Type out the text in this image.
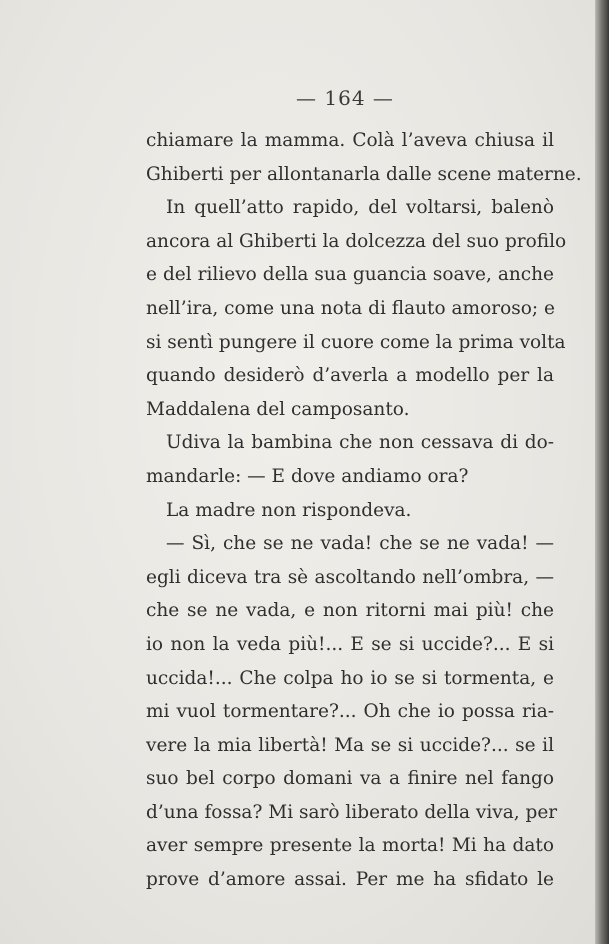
— 164 —
chiamare la mamma. Colà l’aveva chiusa il
Ghiberti per allontanarla dalle scene materne.
In quell’atto rapido, del voltarsi, balenò
ancora al Ghiberti la dolcezza del suo profilo
e del rilievo della sua guancia soave, anche
nell’ira, come una nota di flauto amoroso; e
si sentì pungere il cuore come la prima volta
quando desiderò d’averla a modello per la
Maddalena del camposanto.
Udiva la bambina che non cessava di do-
mandarle: — E dove andiamo ora?
La madre non rispondeva.
— Sì, che se ne vada! che se ne vada! —
egli diceva tra sè ascoltando nell’ombra, —
che se ne vada, e non ritorni mai più! che
io non la veda più!... E se si uccide?... E si
uccida!... Che colpa ho io se si tormenta, e
mi vuol tormentare?... Oh che io possa ria-
vere la mia libertà! Ma se si uccide?... se il
suo bel corpo domani va a finire nel fango
d’una fossa? Mi sarò liberato della viva, per
aver sempre presente la morta! Mi ha dato
prove d’amore assai. Per me ha sfidato le
